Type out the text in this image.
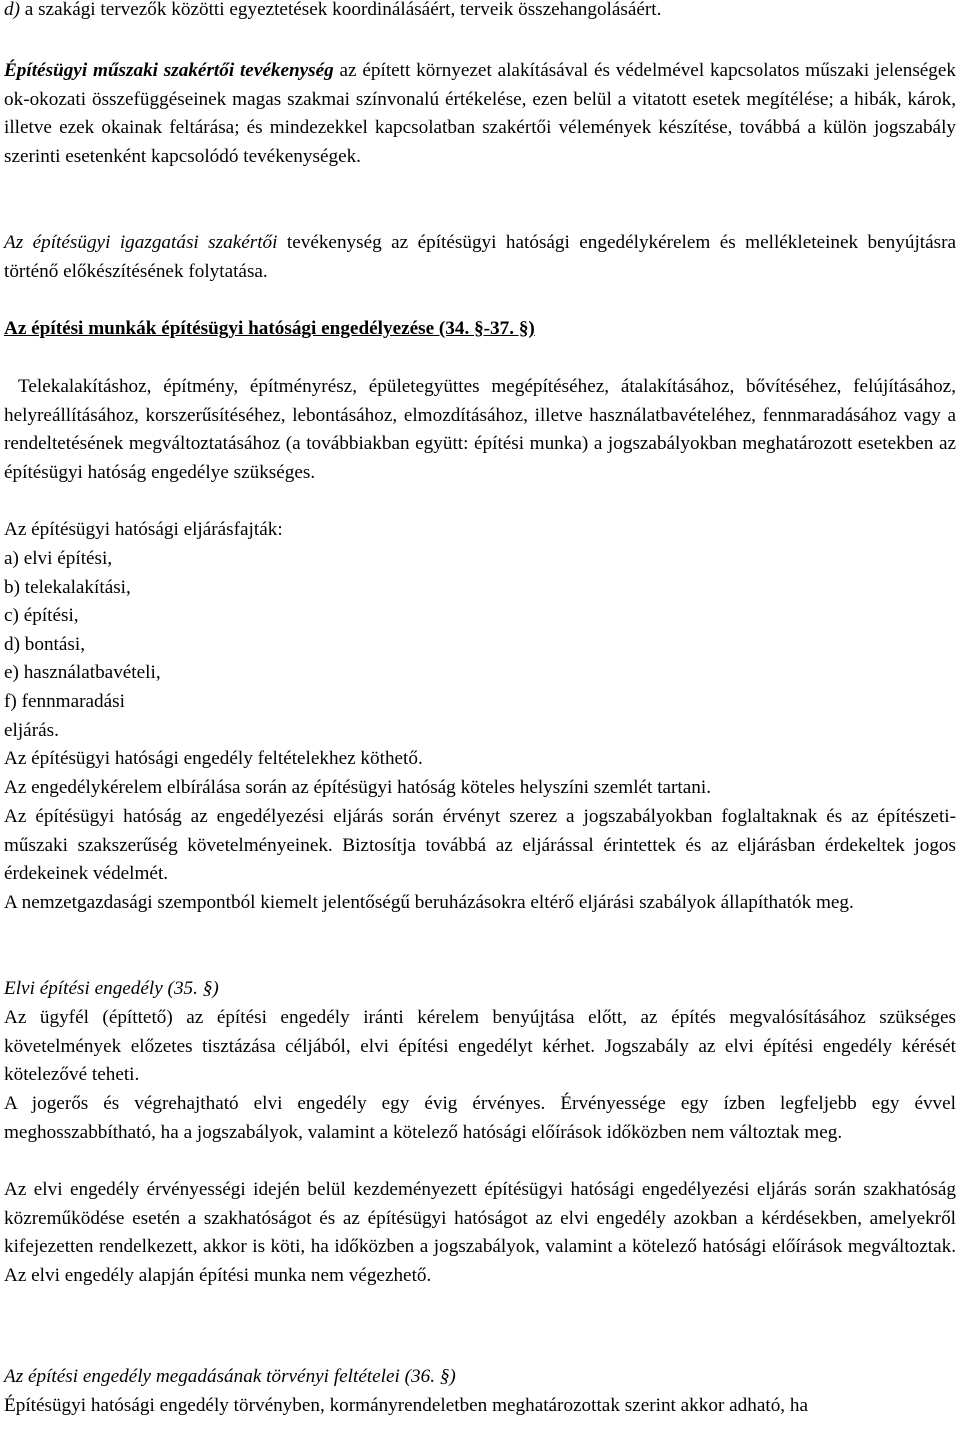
d) a szakági tervezők közötti egyeztetések koordinálásáért, terveik összehangolásáért.

Építésügyi műszaki szakértői tevékenység az épített környezet alakításával és védelmével kapcsolatos műszaki jelenségek ok-okozati összefüggéseinek magas szakmai színvonalú értékelése, ezen belül a vitatott esetek megítélése; a hibák, károk, illetve ezek okainak feltárása; és mindezekkel kapcsolatban szakértői vélemények készítése, továbbá a külön jogszabály szerinti esetenként kapcsolódó tevékenységek.

Az építésügyi igazgatási szakértői tevékenység az építésügyi hatósági engedélykérelem és mellékleteinek benyújtásra történő előkészítésének folytatása.

Az építési munkák építésügyi hatósági engedélyezése (34. §-37. §)

Telekalakításhoz, építmény, építményrész, épületegyüttes megépítéséhez, átalakításához, bővítéséhez, felújításához, helyreállításához, korszerűsítéséhez, lebontásához, elmozdításához, illetve használatbavételéhez, fennmaradásához vagy a rendeltetésének megváltoztatásához (a továbbiakban együtt: építési munka) a jogszabályokban meghatározott esetekben az építésügyi hatóság engedélye szükséges.

Az építésügyi hatósági eljárásfajták:

a) elvi építési,
b) telekalakítási,
c) építési,
d) bontási,
e) használatbavételi,
f) fennmaradási
eljárás.

Az építésügyi hatósági engedély feltételekhez köthető.

Az engedélykérelem elbírálása során az építésügyi hatóság köteles helyszíni szemlét tartani.

Az építésügyi hatóság az engedélyezési eljárás során érvényt szerez a jogszabályokban foglaltaknak és az építészeti-műszaki szakszerűség követelményeinek. Biztosítja továbbá az eljárással érintettek és az eljárásban érdekeltek jogos érdekeinek védelmét.

A nemzetgazdasági szempontból kiemelt jelentőségű beruházásokra eltérő eljárási szabályok állapíthatók meg.

Elvi építési engedély (35. §)

Az ügyfél (építtető) az építési engedély iránti kérelem benyújtása előtt, az építés megvalósításához szükséges követelmények előzetes tisztázása céljából, elvi építési engedélyt kérhet. Jogszabály az elvi építési engedély kérését kötelezővé teheti.

A jogerős és végrehajtható elvi engedély egy évig érvényes. Érvényessége egy ízben legfeljebb egy évvel meghosszabbítható, ha a jogszabályok, valamint a kötelező hatósági előírások időközben nem változtak meg.

Az elvi engedély érvényességi idején belül kezdeményezett építésügyi hatósági engedélyezési eljárás során szakhatóság közreműködése esetén a szakhatóságot és az építésügyi hatóságot az elvi engedély azokban a kérdésekben, amelyekről kifejezetten rendelkezett, akkor is köti, ha időközben a jogszabályok, valamint a kötelező hatósági előírások megváltoztak. Az elvi engedély alapján építési munka nem végezhető.

Az építési engedély megadásának törvényi feltételei (36. §)

Építésügyi hatósági engedély törvényben, kormányrendeletben meghatározottak szerint akkor adható, ha
